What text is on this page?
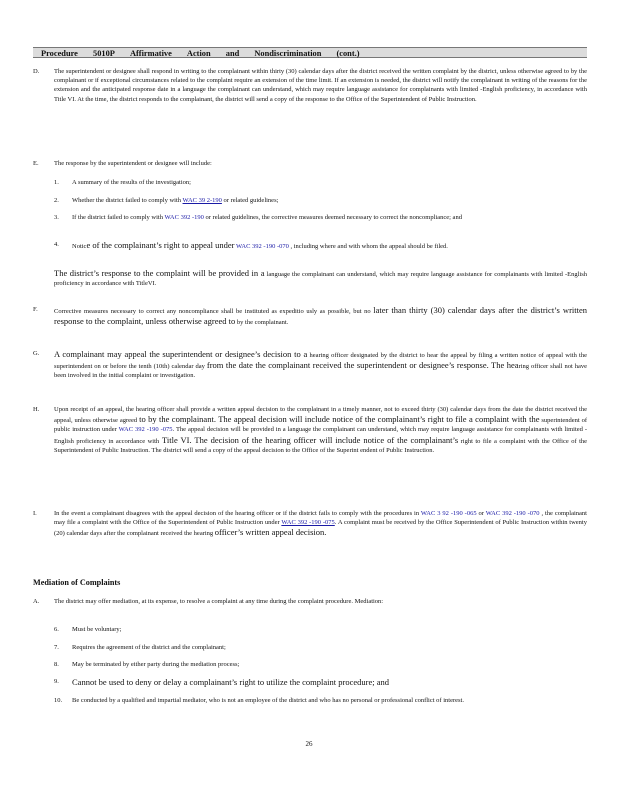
Procedure 5010P Affirmative Action and Nondiscrimination (cont.)
D.	The superintendent or designee shall respond in writing to the complainant within thirty (30) calendar days after the district received the written complaint by the district, unless otherwise agreed to by the complainant or if exceptional circumstances related to the complaint require an extension of the time limit. If an extension is needed, the district will notify the complainant in writing of the reasons for the extension and the anticipated response date in a language the complainant can understand, which may require language assistance for complainants with limited -English proficiency, in accordance with Title VI. At the time, the district responds to the complainant, the district will send a copy of the response to the Office of the Superintendent of Public Instruction.
E.	The response by the superintendent or designee will include:
1.	A summary of the results of the investigation;
2.	Whether the district failed to comply with WAC 39 2-190 or related guidelines;
3.	If the district failed to comply with WAC 392 -190 or related guidelines, the corrective measures deemed necessary to correct the noncompliance; and
4.	Notice of the complainant’s right to appeal under WAC 392 -190 -070 , including where and with whom the appeal should be filed.
The district’s response to the complaint will be provided in a language the complainant can understand, which may require language assistance for complainants with limited -English proficiency in accordance with TitleVI.
F.	Corrective measures necessary to correct any noncompliance shall be instituted as expeditio usly as possible, but no later than thirty (30) calendar days after the district’s written response to the complaint, unless otherwise agreed to by the complainant.
G.	A complainant may appeal the superintendent or designee’s decision to a hearing officer designated by the district to hear the appeal by filing a written notice of appeal with the superintendent on or before the tenth (10th) calendar day from the date the complainant received the superintendent or designee’s response. The hearing officer shall not have been involved in the initial complaint or investigation.
H.	Upon receipt of an appeal, the hearing officer shall provide a written appeal decision to the complainant in a timely manner, not to exceed thirty (30) calendar days from the date the district received the appeal, unless otherwise agreed to by the complainant. The appeal decision will include notice of the complainant’s right to file a complaint with the superintendent of public instruction under WAC 392 -190 -075. The appeal decision will be provided in a language the complainant can understand, which may require language assistance for complainants with limited -English proficiency in accordance with Title VI. The decision of the hearing officer will include notice of the complainant’s right to file a complaint with the Office of the Superintendent of Public Instruction. The district will send a copy of the appeal decision to the Office of the Superint endent of Public Instruction.
I.	In the event a complainant disagrees with the appeal decision of the hearing officer or if the district fails to comply with the procedures in WAC 3 92 -190 -065 or WAC 392 -190 -070 , the complainant may file a complaint with the Office of the Superintendent of Public Instruction under WAC 392 -190 -075. A complaint must be received by the Office Superintendent of Public Instruction within twenty (20) calendar days after the complainant received the hearing officer’s written appeal decision.
Mediation of Complaints
A.	The district may offer mediation, at its expense, to resolve a complaint at any time during the complaint procedure. Mediation:
6.	Must be voluntary;
7.	Requires the agreement of the district and the complainant;
8.	May be terminated by either party during the mediation process;
9.	Cannot be used to deny or delay a complainant’s right to utilize the complaint procedure; and
10.	Be conducted by a qualified and impartial mediator, who is not an employee of the district and who has no personal or professional conflict of interest.
26
